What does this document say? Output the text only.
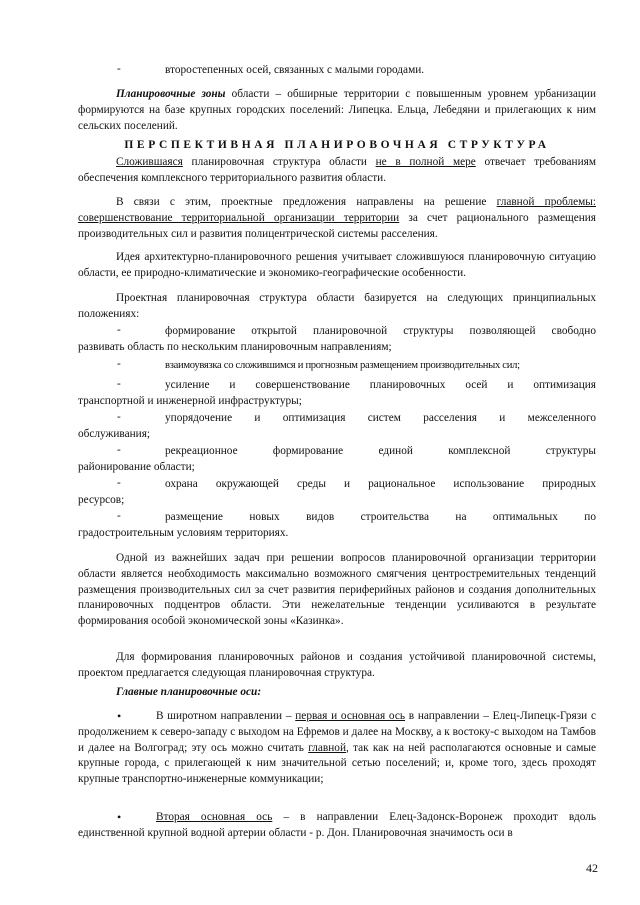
-	второстепенных осей, связанных с малыми городами.

Планировочные зоны области – обширные территории с повышенным уровнем урбанизации формируются на базе крупных городских поселений: Липецка. Ельца, Лебедяни и прилегающих к ним сельских поселений.

ПЕРСПЕКТИВНАЯ ПЛАНИРОВОЧНАЯ СТРУКТУРА

Сложившаяся планировочная структура области не в полной мере отвечает требованиям обеспечения комплексного территориального развития области.

В связи с этим, проектные предложения направлены на решение главной проблемы: совершенствование территориальной организации территории за счет рационального размещения производительных сил и развития полицентрической системы расселения.

Идея архитектурно-планировочного решения учитывает сложившуюся планировочную ситуацию области, ее природно-климатические и экономико-географические особенности.

Проектная планировочная структура области базируется на следующих принципиальных положениях:

-	формирование открытой планировочной структуры позволяющей свободно

развивать область по нескольким планировочным направлениям;

-	взаимоувязка со сложившимся и прогнозным размещением производительных сил;

-	усиление и совершенствование планировочных осей и оптимизация

транспортной и инженерной инфраструктуры;

-	упорядочение и оптимизация систем расселения и межселенного

обслуживания;

-	рекреационное формирование единой комплексной структуры

районирование области;

-	охрана окружающей среды и рациональное использование природных

ресурсов;

-	размещение новых видов строительства на оптимальных по

градостроительным условиям территориях.

Одной из важнейших задач при решении вопросов планировочной организации территории области является необходимость максимально возможного смягчения центростремительных тенденций размещения производительных сил за счет развития периферийных районов и создания дополнительных планировочных подцентров области. Эти нежелательные тенденции усиливаются в результате формирования особой экономической зоны «Казинка».

Для формирования планировочных районов и создания устойчивой планировочной системы, проектом предлагается следующая планировочная структура.

Главные планировочные оси:

•	В широтном направлении – первая и основная ось в направлении – Елец-Липецк-Грязи с продолжением к северо-западу с выходом на Ефремов и далее на Москву, а к востоку-с выходом на Тамбов и далее на Волгоград; эту ось можно считать главной, так как на ней располагаются основные и самые крупные города, с прилегающей к ним значительной сетью поселений; и, кроме того, здесь проходят крупные транспортно-инженерные коммуникации;

•	Вторая основная ось – в направлении Елец-Задонск-Воронеж проходит вдоль единственной крупной водной артерии области - р. Дон. Планировочная значимость оси в

42
